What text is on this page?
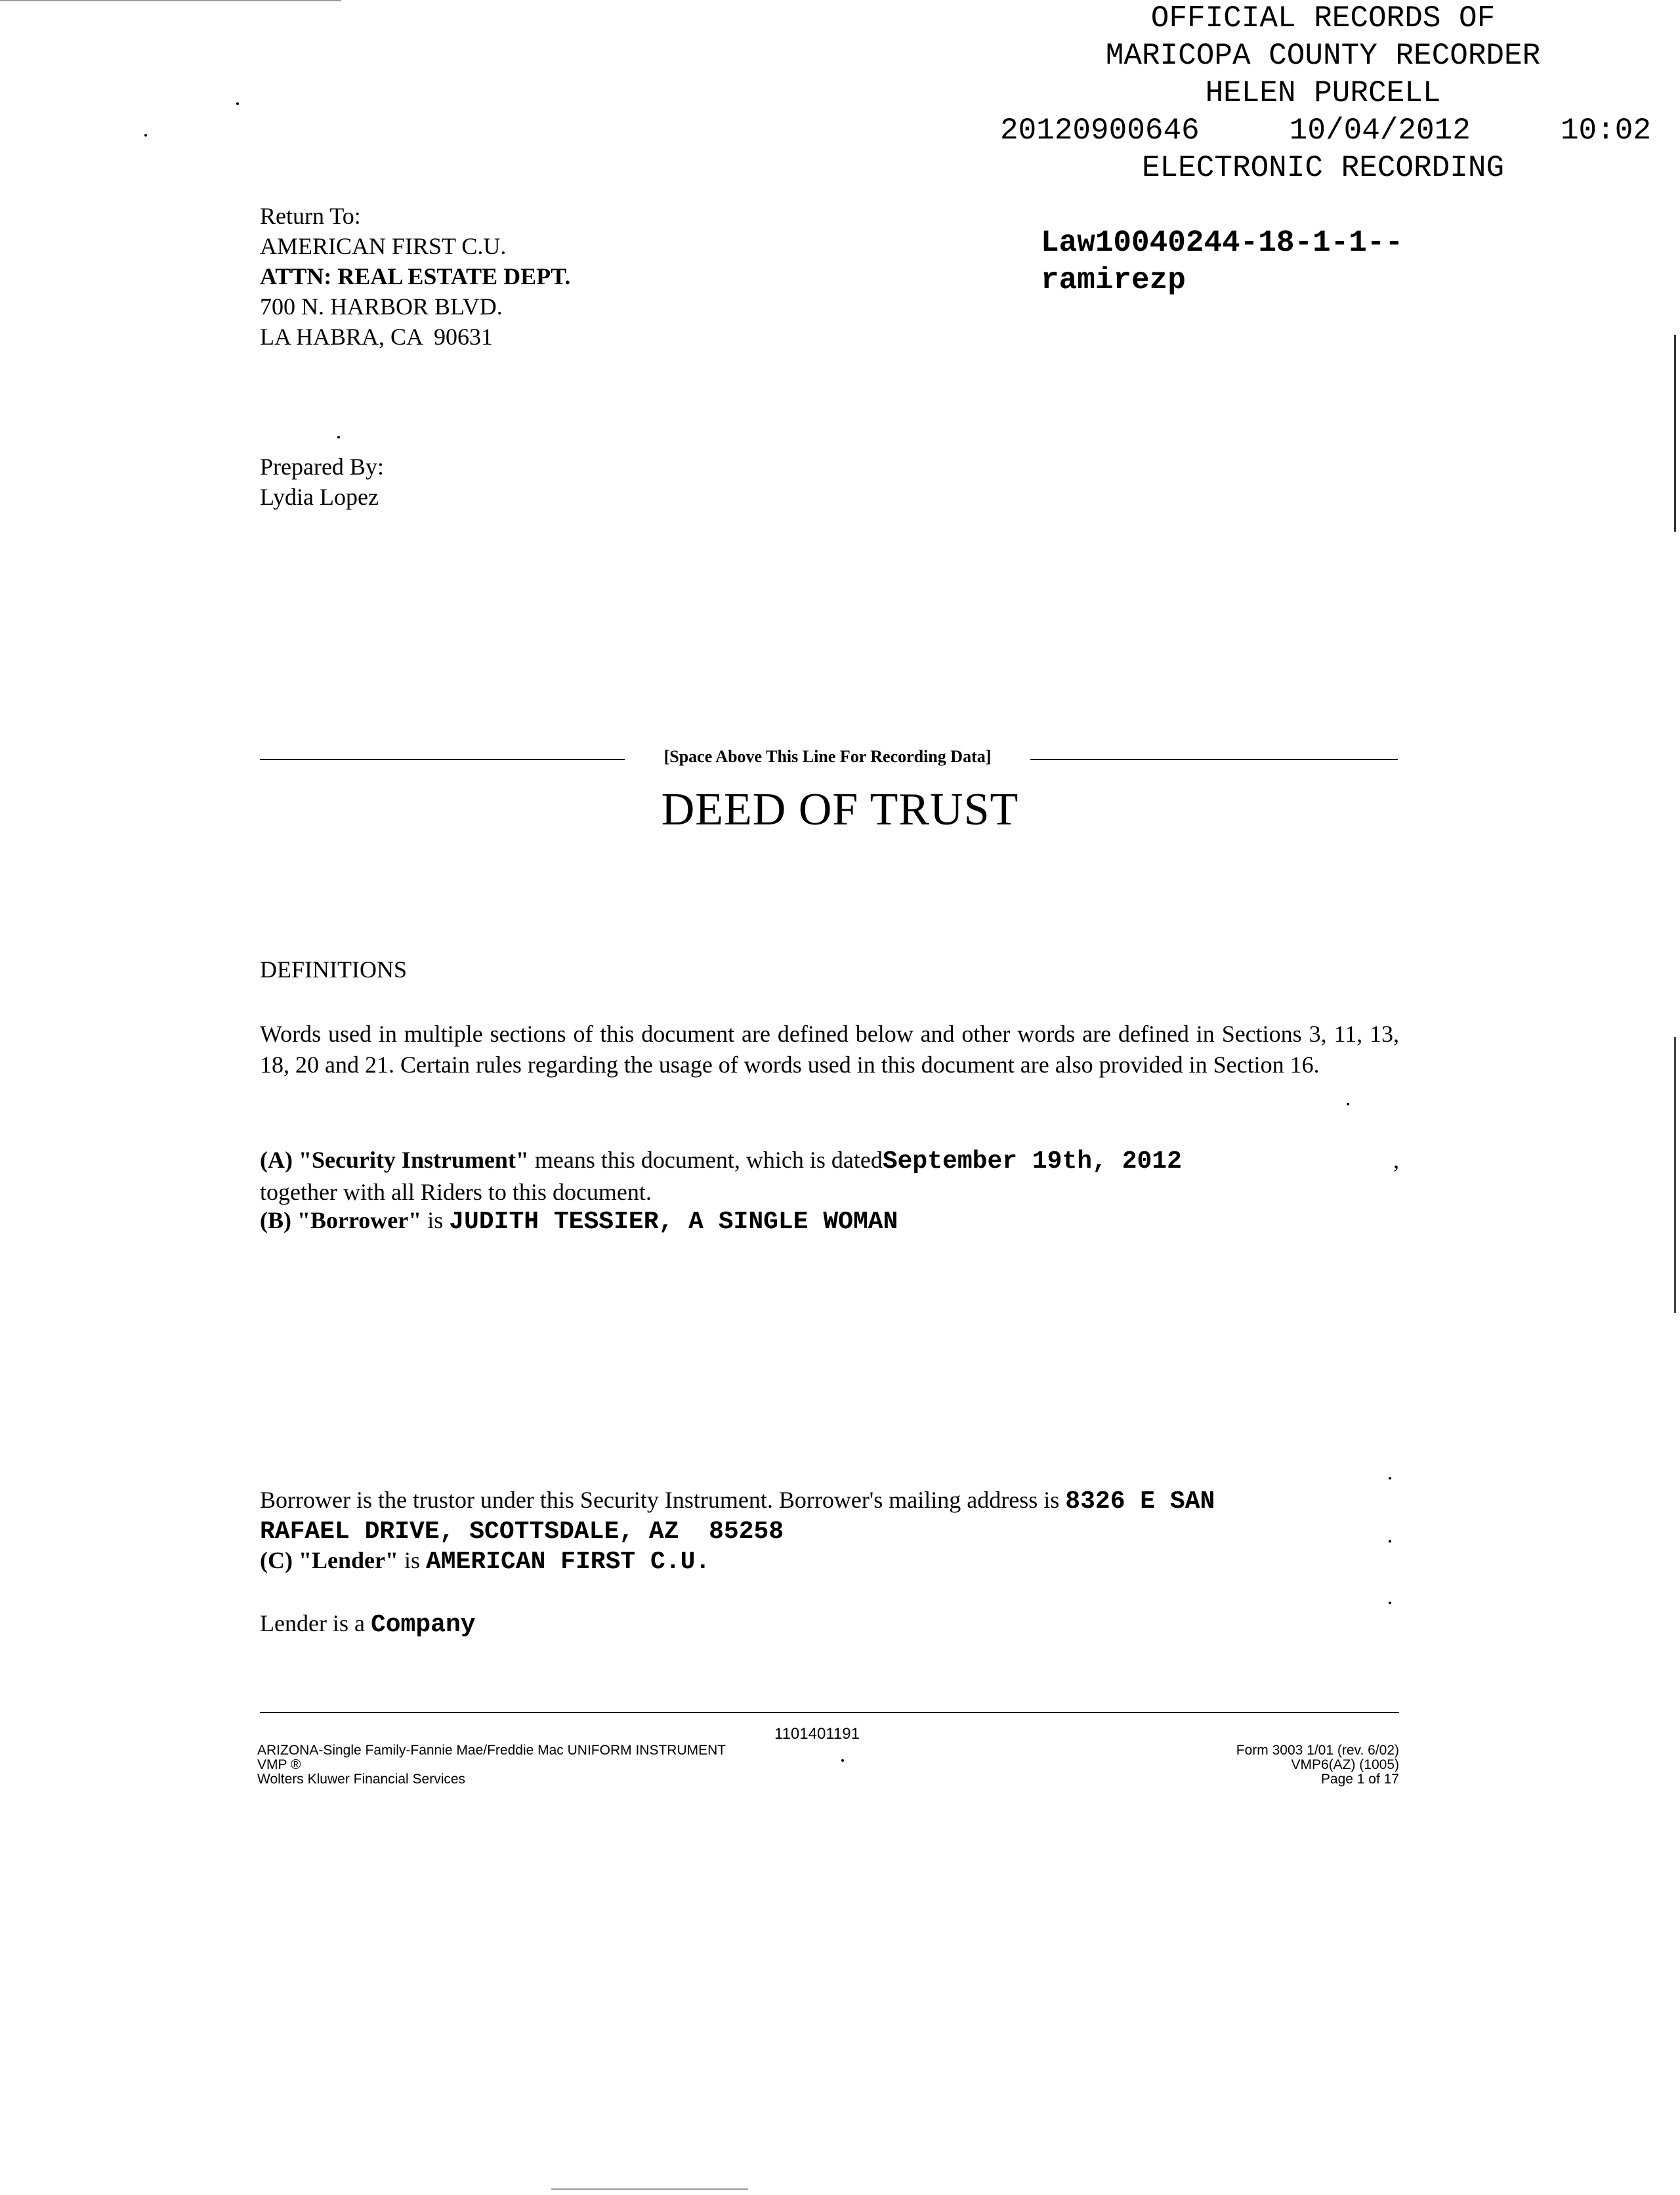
OFFICIAL RECORDS OF
MARICOPA COUNTY RECORDER
HELEN PURCELL
20120900646	10/04/2012	10:02
ELECTRONIC RECORDING
Law10040244-18-1-1--
ramirezp
Return To:
AMERICAN FIRST C.U.
ATTN: REAL ESTATE DEPT.
700 N. HARBOR BLVD.
LA HABRA, CA  90631
Prepared By:
Lydia Lopez
[Space Above This Line For Recording Data]
DEED OF TRUST
DEFINITIONS
Words used in multiple sections of this document are defined below and other words are defined in Sections 3, 11, 13, 18, 20 and 21. Certain rules regarding the usage of words used in this document are also provided in Section 16.
(A) "Security Instrument" means this document, which is datedSeptember 19th, 2012	,
together with all Riders to this document.
(B) "Borrower" is JUDITH TESSIER, A SINGLE WOMAN
Borrower is the trustor under this Security Instrument. Borrower's mailing address is 8326 E SAN
RAFAEL DRIVE, SCOTTSDALE, AZ  85258
(C) "Lender" is AMERICAN FIRST C.U.
Lender is a Company
1101401191
ARIZONA-Single Family-Fannie Mae/Freddie Mac UNIFORM INSTRUMENT
VMP ®
Wolters Kluwer Financial Services
Form 3003 1/01 (rev. 6/02)
VMP6(AZ) (1005)
Page 1 of 17
